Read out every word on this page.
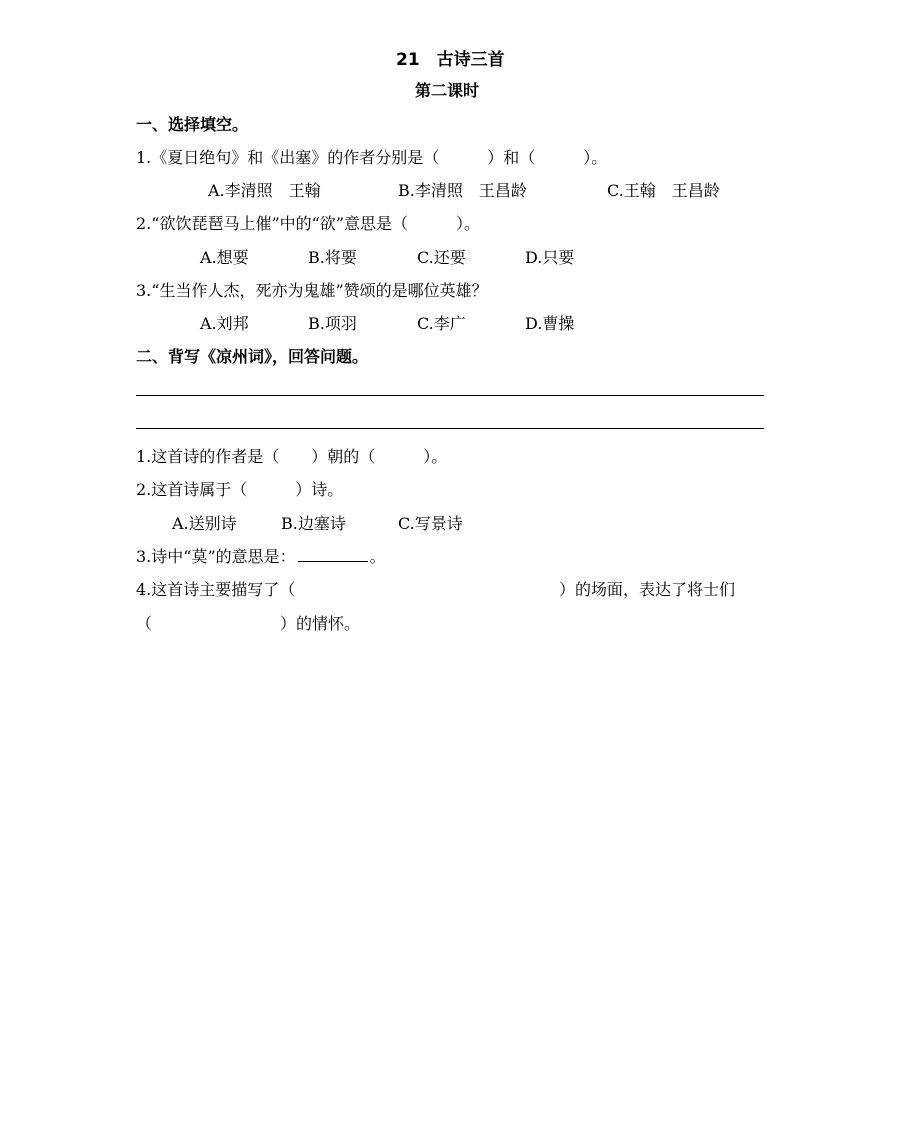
21　古诗三首
第二课时
一、选择填空。
1.《夏日绝句》和《出塞》的作者分别是（　　　）和（　　　）。
A.李清照　王翰	B.李清照　王昌龄	C.王翰　王昌龄
2.“欲饮琵琶马上催”中的“欲”意思是（　　　）。
A.想要	B.将要	C.还要	D.只要
3.“生当作人杰，死亦为鬼雄”赞颂的是哪位英雄？
A.刘邦	B.项羽	C.李广	D.曹操
二、背写《凉州词》，回答问题。
1.这首诗的作者是（　　）朝的（　　　）。
2.这首诗属于（　　　）诗。
A.送别诗	B.边塞诗	C.写景诗
3.诗中“莫”的意思是：	。
4.这首诗主要描写了（	）的场面，表达了将士们
（　　　　　　　　）的情怀。
